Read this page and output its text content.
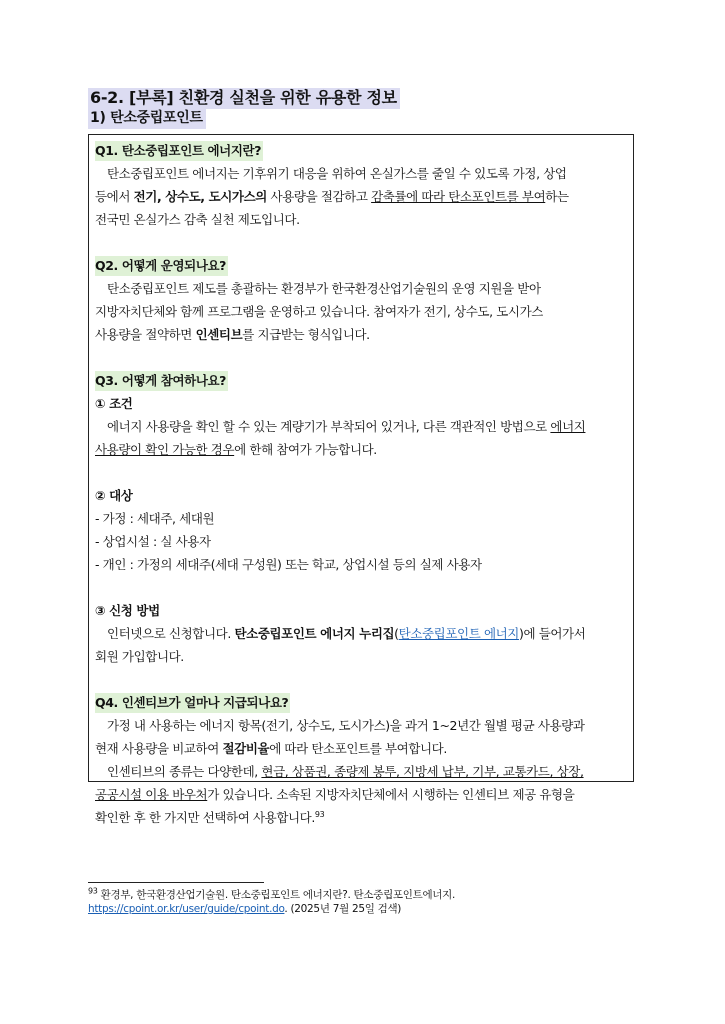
6-2. [부록] 친환경 실천을 위한 유용한 정보
1) 탄소중립포인트
Q1. 탄소중립포인트 에너지란?
탄소중립포인트 에너지는 기후위기 대응을 위하여 온실가스를 줄일 수 있도록 가정, 상업
등에서 전기, 상수도, 도시가스의 사용량을 절감하고 감축률에 따라 탄소포인트를 부여하는
전국민 온실가스 감축 실천 제도입니다.
Q2. 어떻게 운영되나요?
탄소중립포인트 제도를 총괄하는 환경부가 한국환경산업기술원의 운영 지원을 받아
지방자치단체와 함께 프로그램을 운영하고 있습니다. 참여자가 전기, 상수도, 도시가스
사용량을 절약하면 인센티브를 지급받는 형식입니다.
Q3. 어떻게 참여하나요?
① 조건
에너지 사용량을 확인 할 수 있는 계량기가 부착되어 있거나, 다른 객관적인 방법으로 에너지
사용량이 확인 가능한 경우에 한해 참여가 가능합니다.
② 대상
- 가정 : 세대주, 세대원
- 상업시설 : 실 사용자
- 개인 : 가정의 세대주(세대 구성원) 또는 학교, 상업시설 등의 실제 사용자
③ 신청 방법
인터넷으로 신청합니다. 탄소중립포인트 에너지 누리집(탄소중립포인트 에너지)에 들어가서
회원 가입합니다.
Q4. 인센티브가 얼마나 지급되나요?
가정 내 사용하는 에너지 항목(전기, 상수도, 도시가스)을 과거 1~2년간 월별 평균 사용량과
현재 사용량을 비교하여 절감비율에 따라 탄소포인트를 부여합니다.
인센티브의 종류는 다양한데, 현금, 상품권, 종량제 봉투, 지방세 납부, 기부, 교통카드, 상장,
공공시설 이용 바우처가 있습니다. 소속된 지방자치단체에서 시행하는 인센티브 제공 유형을
확인한 후 한 가지만 선택하여 사용합니다.$^{93}$
$^{93}$ 환경부, 한국환경산업기술원. 탄소중립포인트 에너지란?. 탄소중립포인트에너지.
https://cpoint.or.kr/user/guide/cpoint.do. (2025년 7월 25일 검색)
